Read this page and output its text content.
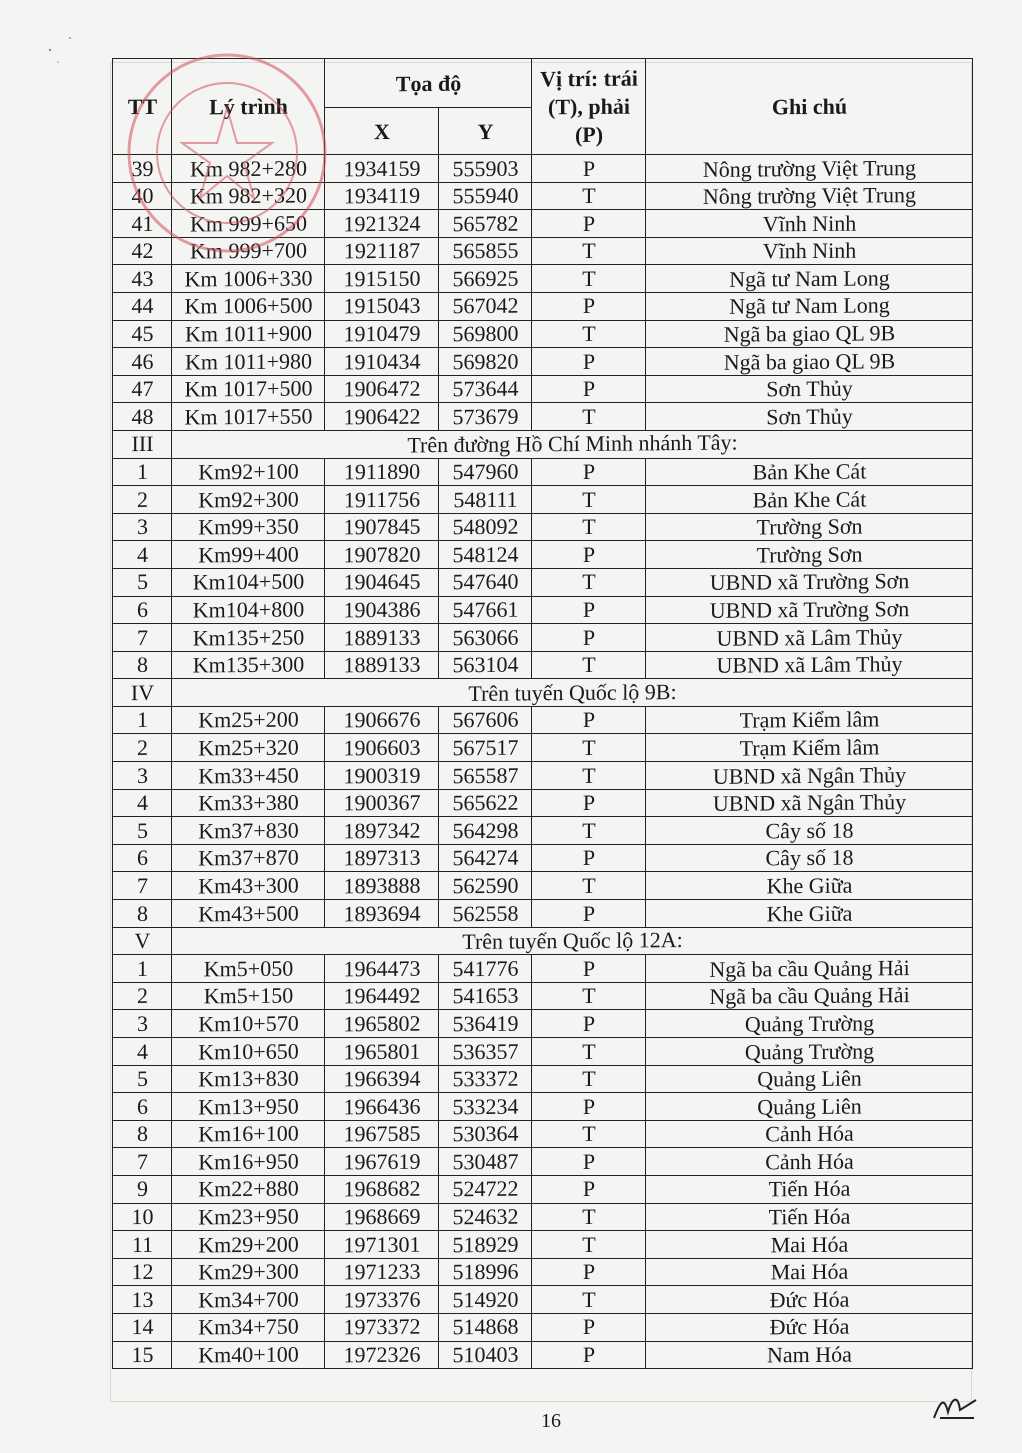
TT	Lý trình	Tọa độ		Vị trí: trái (T), phải (P)	Ghi chú
		X	Y		
39	Km 982+280	1934159	555903	P	Nông trường Việt Trung
40	Km 982+320	1934119	555940	T	Nông trường Việt Trung
41	Km 999+650	1921324	565782	P	Vĩnh Ninh
42	Km 999+700	1921187	565855	T	Vĩnh Ninh
43	Km 1006+330	1915150	566925	T	Ngã tư Nam Long
44	Km 1006+500	1915043	567042	P	Ngã tư Nam Long
45	Km 1011+900	1910479	569800	T	Ngã ba giao QL 9B
46	Km 1011+980	1910434	569820	P	Ngã ba giao QL 9B
47	Km 1017+500	1906472	573644	P	Sơn Thủy
48	Km 1017+550	1906422	573679	T	Sơn Thủy
III	Trên đường Hồ Chí Minh nhánh Tây:				
1	Km92+100	1911890	547960	P	Bản Khe Cát
2	Km92+300	1911756	548111	T	Bản Khe Cát
3	Km99+350	1907845	548092	T	Trường Sơn
4	Km99+400	1907820	548124	P	Trường Sơn
5	Km104+500	1904645	547640	T	UBND xã Trường Sơn
6	Km104+800	1904386	547661	P	UBND xã Trường Sơn
7	Km135+250	1889133	563066	P	UBND xã Lâm Thủy
8	Km135+300	1889133	563104	T	UBND xã Lâm Thủy
IV	Trên tuyến Quốc lộ 9B:				
1	Km25+200	1906676	567606	P	Trạm Kiểm lâm
2	Km25+320	1906603	567517	T	Trạm Kiểm lâm
3	Km33+450	1900319	565587	T	UBND xã Ngân Thủy
4	Km33+380	1900367	565622	P	UBND xã Ngân Thủy
5	Km37+830	1897342	564298	T	Cây số 18
6	Km37+870	1897313	564274	P	Cây số 18
7	Km43+300	1893888	562590	T	Khe Giữa
8	Km43+500	1893694	562558	P	Khe Giữa
V	Trên tuyến Quốc lộ 12A:				
1	Km5+050	1964473	541776	P	Ngã ba cầu Quảng Hải
2	Km5+150	1964492	541653	T	Ngã ba cầu Quảng Hải
3	Km10+570	1965802	536419	P	Quảng Trường
4	Km10+650	1965801	536357	T	Quảng Trường
5	Km13+830	1966394	533372	T	Quảng Liên
6	Km13+950	1966436	533234	P	Quảng Liên
8	Km16+100	1967585	530364	T	Cảnh Hóa
7	Km16+950	1967619	530487	P	Cảnh Hóa
9	Km22+880	1968682	524722	P	Tiến Hóa
10	Km23+950	1968669	524632	T	Tiến Hóa
11	Km29+200	1971301	518929	T	Mai Hóa
12	Km29+300	1971233	518996	P	Mai Hóa
13	Km34+700	1973376	514920	T	Đức Hóa
14	Km34+750	1973372	514868	P	Đức Hóa
15	Km40+100	1972326	510403	P	Nam Hóa
16
